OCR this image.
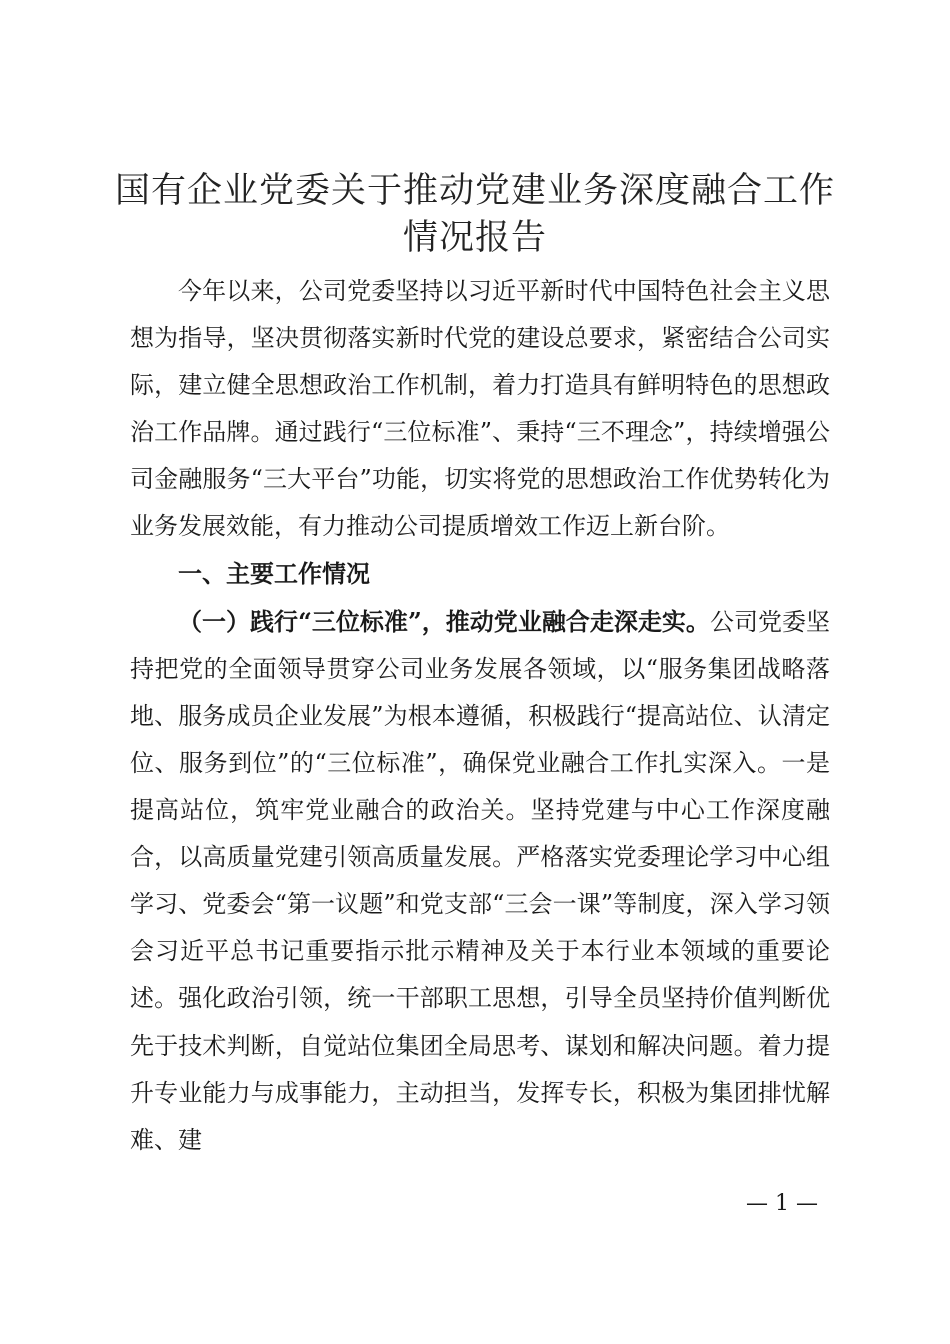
国有企业党委关于推动党建业务深度融合工作
情况报告

今年以来，公司党委坚持以习近平新时代中国特色社会主义思想为指导，坚决贯彻落实新时代党的建设总要求，紧密结合公司实际，建立健全思想政治工作机制，着力打造具有鲜明特色的思想政治工作品牌。通过践行“三位标准”、秉持“三不理念”，持续增强公司金融服务“三大平台”功能，切实将党的思想政治工作优势转化为业务发展效能，有力推动公司提质增效工作迈上新台阶。

一、主要工作情况

（一）践行“三位标准”，推动党业融合走深走实。公司党委坚持把党的全面领导贯穿公司业务发展各领域，以“服务集团战略落地、服务成员企业发展”为根本遵循，积极践行“提高站位、认清定位、服务到位”的“三位标准”，确保党业融合工作扎实深入。一是提高站位，筑牢党业融合的政治关。坚持党建与中心工作深度融合，以高质量党建引领高质量发展。严格落实党委理论学习中心组学习、党委会“第一议题”和党支部“三会一课”等制度，深入学习领会习近平总书记重要指示批示精神及关于本行业本领域的重要论述。强化政治引领，统一干部职工思想，引导全员坚持价值判断优先于技术判断，自觉站位集团全局思考、谋划和解决问题。着力提升专业能力与成事能力，主动担当，发挥专长，积极为集团排忧解难、建

— 1 —
